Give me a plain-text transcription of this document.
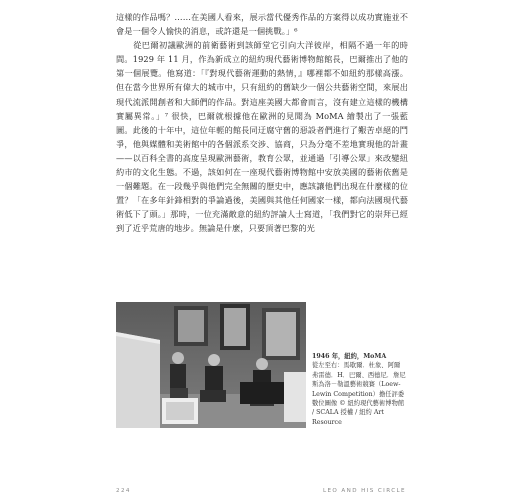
這樣的作品嗎？……在美國人看來，展示當代優秀作品的方案得以成功實施並不會是一個令人愉快的消息，或許還是一個挑戰。」⁶

　　從巴爾初議歐洲的前衛藝術到該師堂它引向大洋彼岸，相隔不過一年的時間。1929 年 11 月，作為新成立的紐約現代藝術博物館館長，巴爾推出了他的第一個展覽。他寫道：「『對現代藝術運動的熱情，』哪裡都不如紐約那樣高漲。但在當今世界所有偉大的城市中，只有紐約的舊缺少一個公共藝術空間，來展出現代流派開創者和大師們的作品。對這座美國大都會而言，沒有建立這樣的機構實屬異常。」⁷ 很快，巴爾就根據他在歐洲的見聞為 MoMA 繪製出了一張藍圖。此後的十年中，這位年輕的館長同迂腐守舊的惡設者們進行了艱苦卓絕的鬥爭，他與媒體和美術館中的各個派系交涉、協商，只為分毫不差地實現他的計畫——以百科全書的高度呈現歐洲藝術，教育公眾，並通過「引導公眾」來改變紐約市的文化生態。不過，該如何在一座現代藝術博物館中安放美國的藝術依舊是一個難題。在一段幾乎與他們完全無關的歷史中，應該讓他們出現在什麼樣的位置？「在多年針鋒相對的爭論過後，美國與其他任何國家一樣，都向法國現代藝術低下了頭。」那時，一位充滿敵意的紐約評論人士寫道，「我們對它的崇拜已經到了近乎荒唐的地步。無論是什麼，只要頂著巴黎的光

1946 年，紐約，MoMA
從左至右：馬歇爾．杜象、阿爾弗雷德．H．巴爾、西德尼．詹尼斯為洛－勒溫藝術競賽（Loew-Lewin Competition）擔任評委 數位圖像 © 紐約現代藝術博物館 / SCALA 授權 / 紐約 Art Resource
224	LEO AND HIS CIRCLE
